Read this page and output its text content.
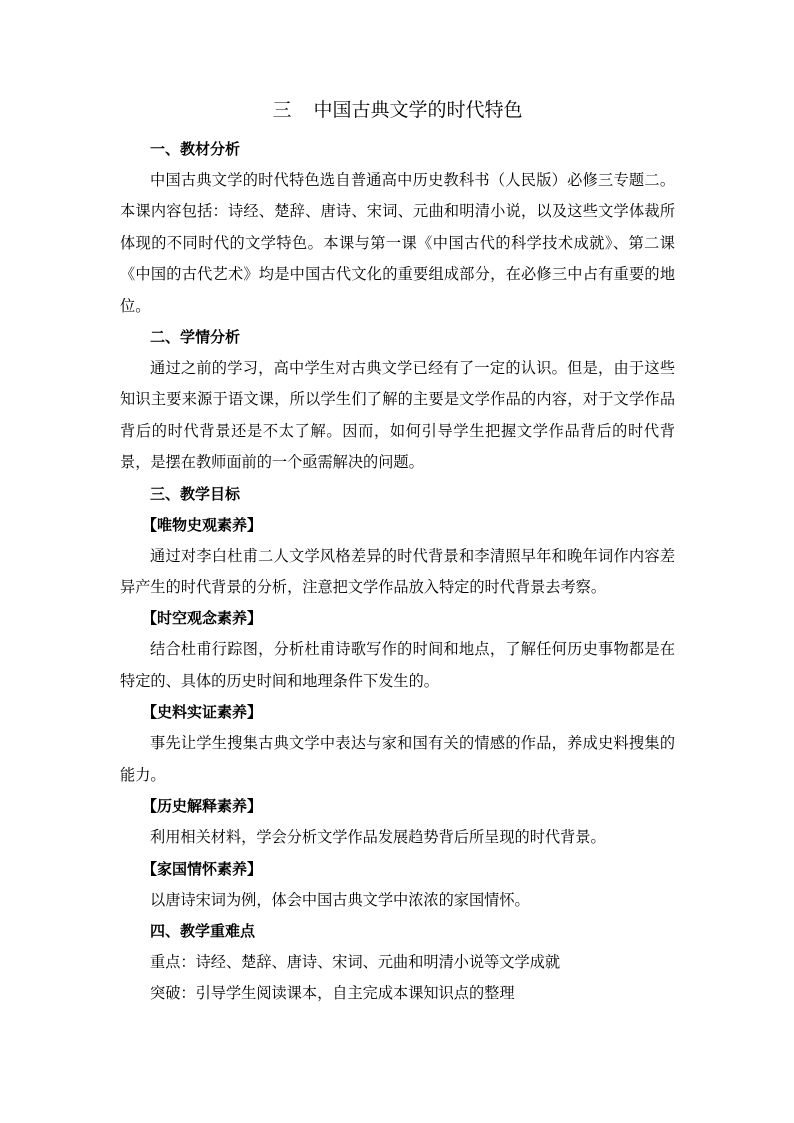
三 中国古典文学的时代特色
一、教材分析

中国古典文学的时代特色选自普通高中历史教科书（人民版）必修三专题二。本课内容包括：诗经、楚辞、唐诗、宋词、元曲和明清小说，以及这些文学体裁所体现的不同时代的文学特色。本课与第一课《中国古代的科学技术成就》、第二课《中国的古代艺术》均是中国古代文化的重要组成部分，在必修三中占有重要的地位。

二、学情分析

通过之前的学习，高中学生对古典文学已经有了一定的认识。但是，由于这些知识主要来源于语文课，所以学生们了解的主要是文学作品的内容，对于文学作品背后的时代背景还是不太了解。因而，如何引导学生把握文学作品背后的时代背景，是摆在教师面前的一个亟需解决的问题。

三、教学目标
【唯物史观素养】

通过对李白杜甫二人文学风格差异的时代背景和李清照早年和晚年词作内容差异产生的时代背景的分析，注意把文学作品放入特定的时代背景去考察。

【时空观念素养】

结合杜甫行踪图，分析杜甫诗歌写作的时间和地点，了解任何历史事物都是在特定的、具体的历史时间和地理条件下发生的。

【史料实证素养】

事先让学生搜集古典文学中表达与家和国有关的情感的作品，养成史料搜集的能力。

【历史解释素养】

利用相关材料，学会分析文学作品发展趋势背后所呈现的时代背景。

【家国情怀素养】

以唐诗宋词为例，体会中国古典文学中浓浓的家国情怀。

四、教学重难点

重点：诗经、楚辞、唐诗、宋词、元曲和明清小说等文学成就

突破：引导学生阅读课本，自主完成本课知识点的整理
